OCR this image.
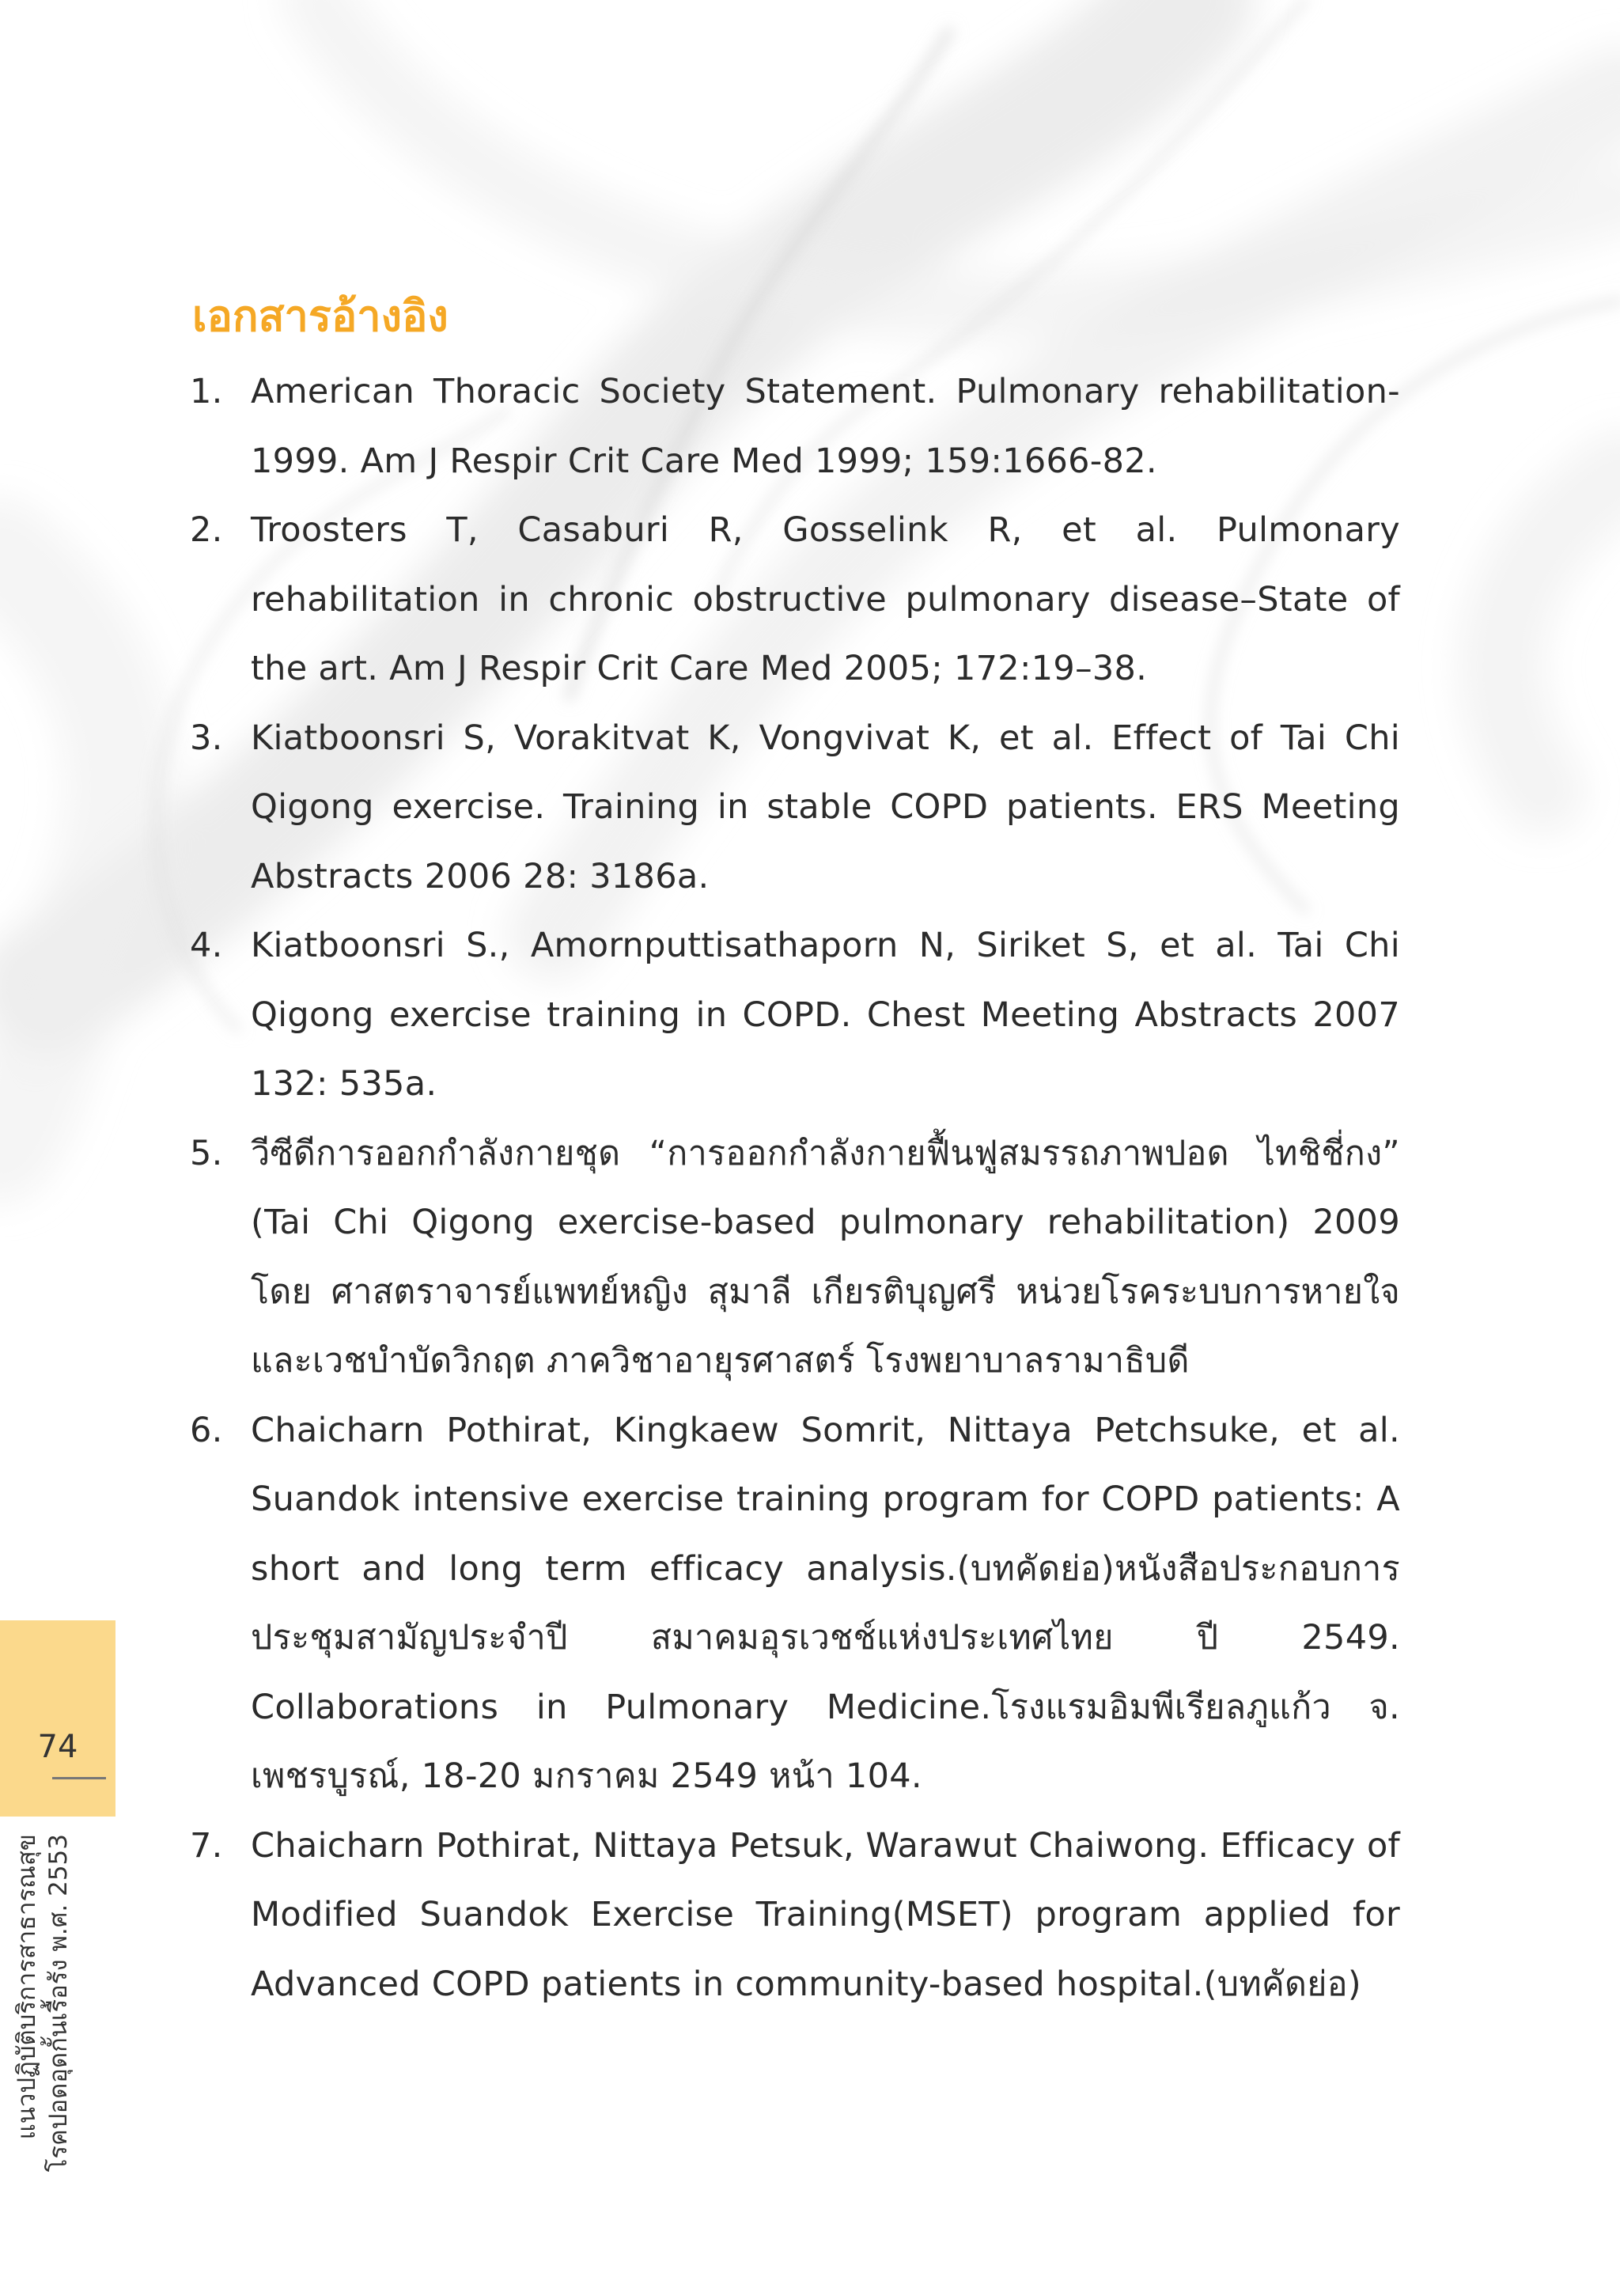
เอกสารอ้างอิง
1. American Thoracic Society Statement. Pulmonary rehabilitation-1999. Am J Respir Crit Care Med 1999; 159:1666-82.
2. Troosters T, Casaburi R, Gosselink R, et al. Pulmonary rehabilitation in chronic obstructive pulmonary disease–State of the art. Am J Respir Crit Care Med 2005; 172:19–38.
3. Kiatboonsri S, Vorakitvat K, Vongvivat K, et al. Effect of Tai Chi Qigong exercise. Training in stable COPD patients. ERS Meeting Abstracts 2006 28: 3186a.
4. Kiatboonsri S., Amornputtisathaporn N, Siriket S, et al. Tai Chi Qigong exercise training in COPD. Chest Meeting Abstracts 2007 132: 535a.
5. วีซีดีการออกกำลังกายชุด “การออกกำลังกายฟื้นฟูสมรรถภาพปอด ไทชิชี่กง” (Tai Chi Qigong exercise-based pulmonary rehabilitation) 2009 โดย ศาสตราจารย์แพทย์หญิง สุมาลี เกียรติบุญศรี หน่วยโรคระบบการหายใจและเวชบำบัดวิกฤต ภาควิชาอายุรศาสตร์ โรงพยาบาลรามาธิบดี
6. Chaicharn Pothirat, Kingkaew Somrit, Nittaya Petchsuke, et al. Suandok intensive exercise training program for COPD patients: A short and long term efficacy analysis.(บทคัดย่อ)หนังสือประกอบการประชุมสามัญประจำปี สมาคมอุรเวชช์แห่งประเทศไทย ปี 2549. Collaborations in Pulmonary Medicine.โรงแรมอิมพีเรียลภูแก้ว จ. เพชรบูรณ์, 18-20 มกราคม 2549 หน้า 104.
7. Chaicharn Pothirat, Nittaya Petsuk, Warawut Chaiwong. Efficacy of Modified Suandok Exercise Training(MSET) program applied for Advanced COPD patients in community-based hospital.(บทคัดย่อ)
74
แนวปฏิบัติบริการสาธารณสุข โรคปอดอุดกั้นเรื้อรัง พ.ศ. 2553
